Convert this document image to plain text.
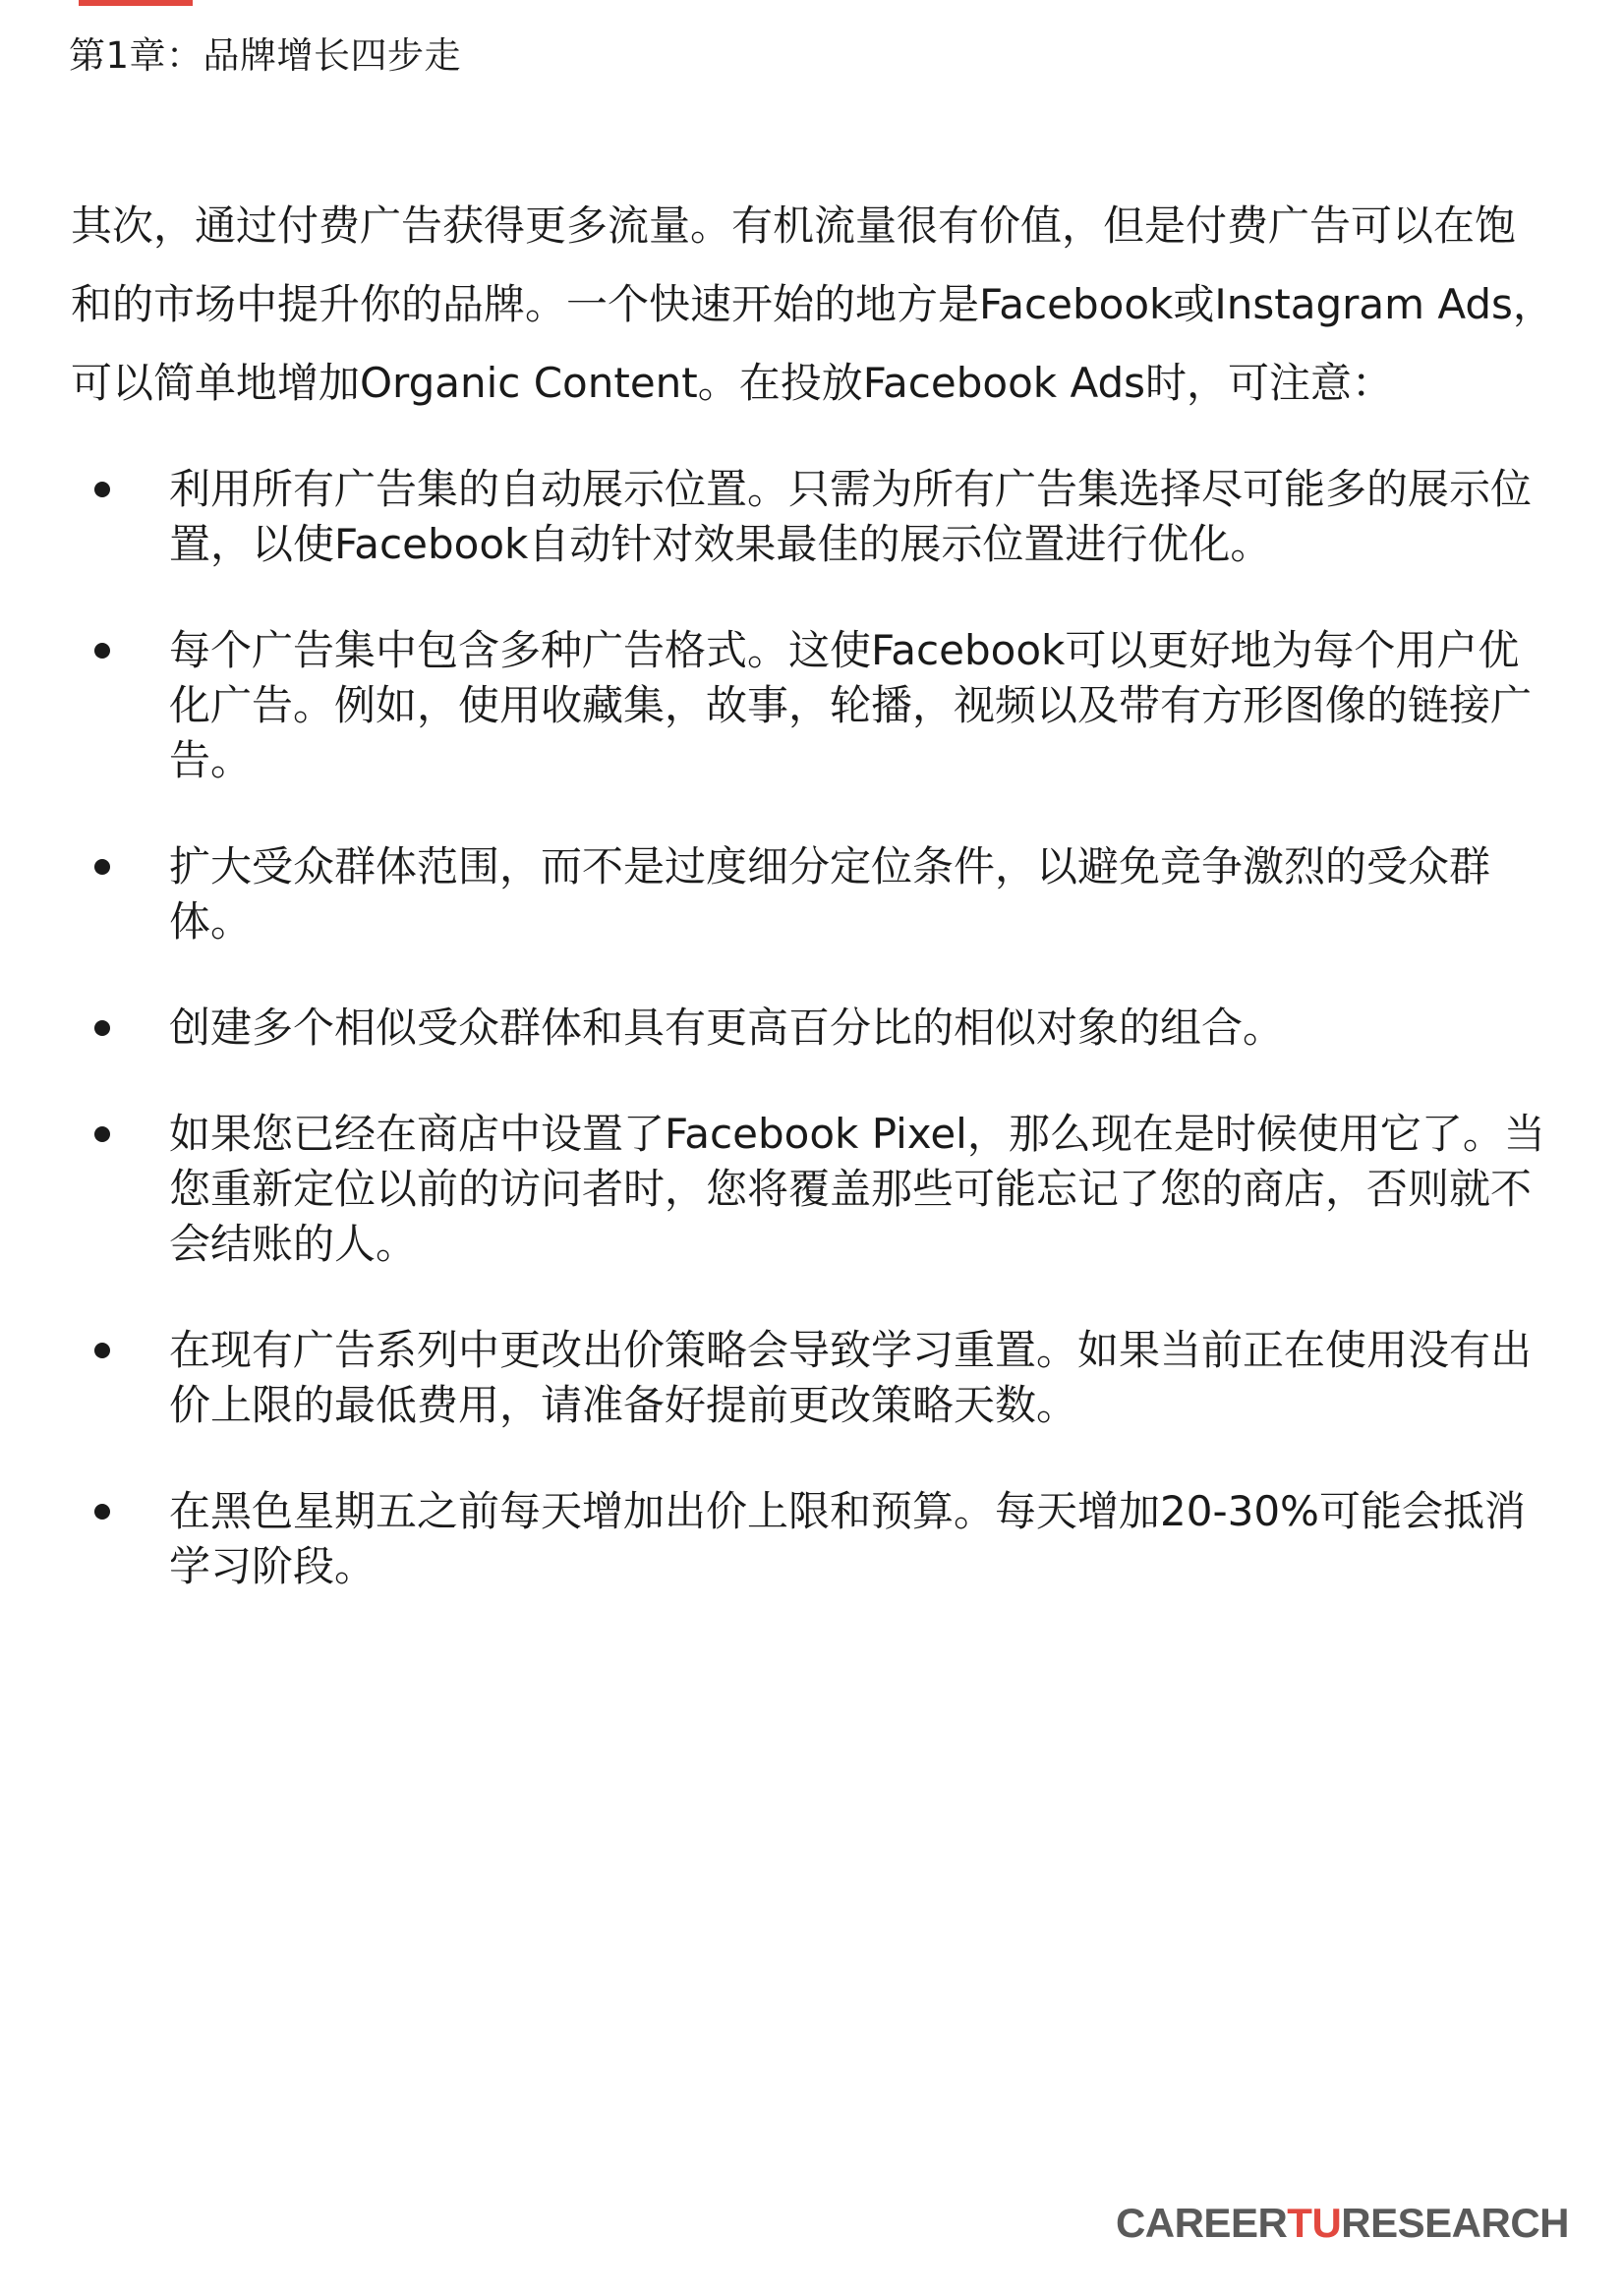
第1章：品牌增长四步走

其次，通过付费广告获得更多流量。有机流量很有价值，但是付费广告可以在饱和的市场中提升你的品牌。一个快速开始的地方是Facebook或Instagram Ads，可以简单地增加Organic Content。在投放Facebook Ads时，可注意：

利用所有广告集的自动展示位置。只需为所有广告集选择尽可能多的展示位置，以使Facebook自动针对效果最佳的展示位置进行优化。
每个广告集中包含多种广告格式。这使Facebook可以更好地为每个用户优化广告。例如，使用收藏集，故事，轮播，视频以及带有方形图像的链接广告。
扩大受众群体范围，而不是过度细分定位条件，以避免竞争激烈的受众群体。
创建多个相似受众群体和具有更高百分比的相似对象的组合。
如果您已经在商店中设置了Facebook Pixel，那么现在是时候使用它了。当您重新定位以前的访问者时，您将覆盖那些可能忘记了您的商店，否则就不会结账的人。
在现有广告系列中更改出价策略会导致学习重置。如果当前正在使用没有出价上限的最低费用，请准备好提前更改策略天数。
在黑色星期五之前每天增加出价上限和预算。每天增加20-30%可能会抵消学习阶段。
CAREER TU RESEARCH
